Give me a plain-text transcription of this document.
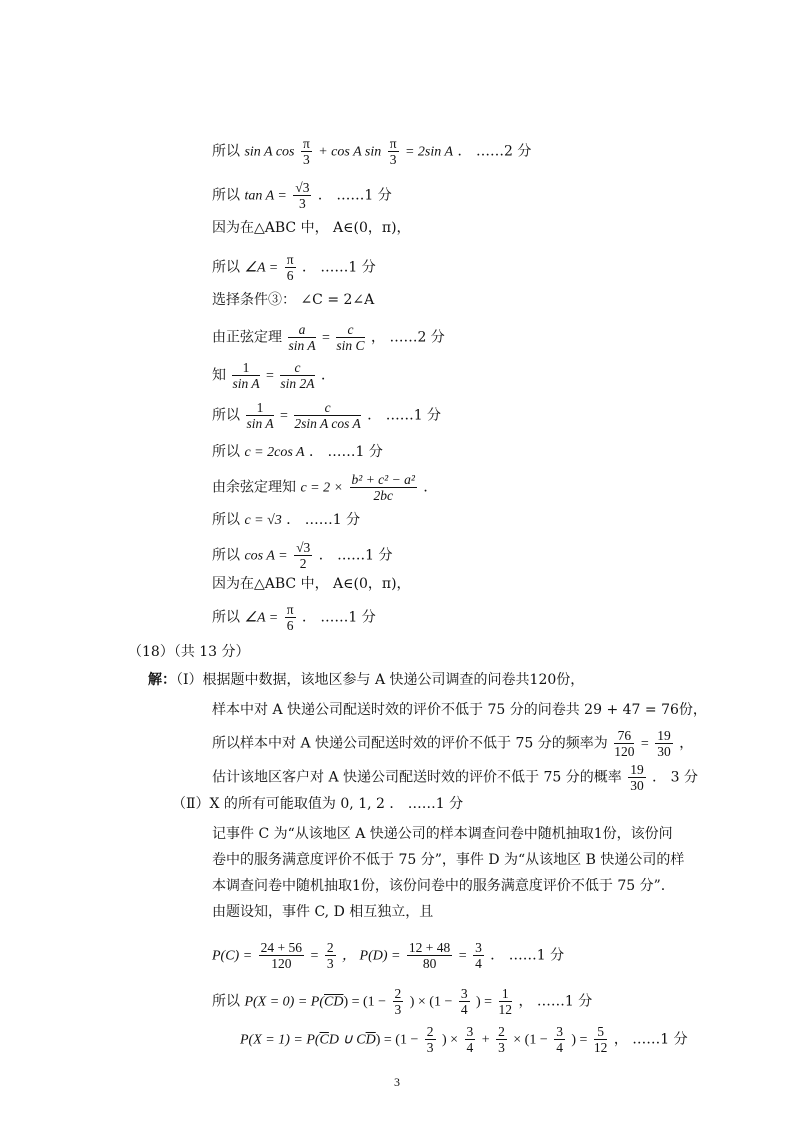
所以 sin A $\cos \frac{\pi}{3} + \cos A$ $\sin \frac{\pi}{3} = 2\sin$ A ． ……2 分
所以 $\tan A = \frac{√3}{3}$ ． ……1 分
因为在△ABC 中， A∈(0，π)，
所以 ∠A = $\frac{\pi}{6}$ ． ……1 分
选择条件③： ∠C = 2∠A
由正弦定理 $\frac{a}{\text{sin A}} = \frac{c}{\text{sin C}}$ ， ……2 分
知 $\frac{1}{\text{sin A}} = \frac{c}{\sin 2A}$ ．
所以 $\frac{1}{\text{sin A}} = \frac{c}{\text{2sin A cos A}}$ ． ……1 分
所以 c = 2cos A ． ……1 分
由余弦定理知 $c = 2 \times \frac{\text{b² + c² − a²}}{2bc}$ ．
所以 c = √3 ． ……1 分
所以 $\cos A = \frac{√3}{2}$ ． ……1 分
因为在△ABC 中， A∈(0，π)，
所以 ∠A = $\frac{\pi}{6}$ ． ……1 分
（18）（共 13 分）
解：（Ⅰ）根据题中数据，该地区参与 A 快递公司调查的问卷共120份，
样本中对 A 快递公司配送时效的评价不低于 75 分的问卷共 29 + 47 = 76份，
所以样本中对 A 快递公司配送时效的评价不低于 75 分的频率为 $\frac{76}{120} = \frac{19}{30}$ ，
估计该地区客户对 A 快递公司配送时效的评价不低于 75 分的概率 $\frac{19}{30}$ ． 3 分
（Ⅱ）X 的所有可能取值为 0, 1, 2 ． ……1 分
记事件 C 为“从该地区 A 快递公司的样本调查问卷中随机抽取1份，该份问
卷中的服务满意度评价不低于 75 分”，事件 D 为“从该地区 B 快递公司的样
本调查问卷中随机抽取1份，该份问卷中的服务满意度评价不低于 75 分”.
由题设知，事件 C, D 相互独立，且
$P(C) = \frac{24 + 56}{120} = \frac{2}{3}$ ， $P(D) = \frac{12 + 48}{80} = \frac{3}{4}$ ． ……1 分
所以 $P(X = 0) = P(\overline{CD}) = (1 - \frac{2}{3}$ ) × ($1 - \frac{3}{4}$ ) = $\frac{1}{12}$ ， ……1 分
$P(X = 1) = P(\overline{C}D$ ∪ $C\overline{D}) = (1 - \frac{2}{3}$ ) × $\frac{3}{4} + \frac{2}{3} \times (1 - \frac{3}{4}$ ) = $\frac{5}{12}$ ， ……1 分
3
